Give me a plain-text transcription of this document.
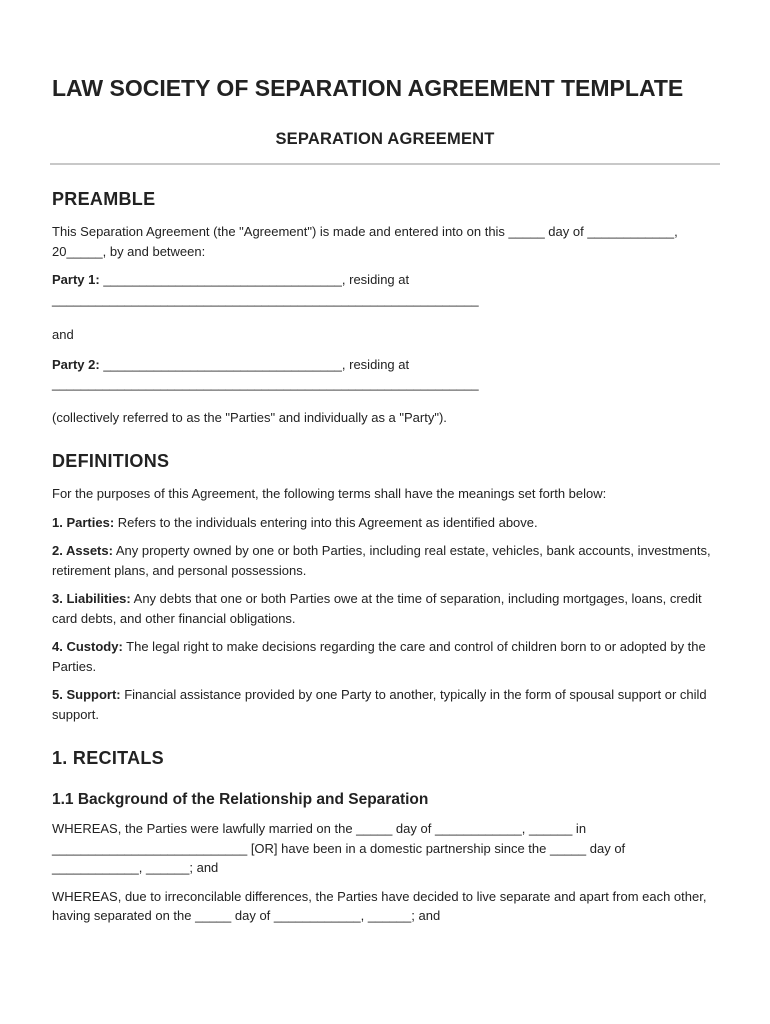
LAW SOCIETY OF SEPARATION AGREEMENT TEMPLATE
SEPARATION AGREEMENT
PREAMBLE

This Separation Agreement (the "Agreement") is made and entered into on this _____ day of ____________, 20_____, by and between:

Party 1: _________________________________, residing at ___________________________________________________________

and

Party 2: _________________________________, residing at ___________________________________________________________

(collectively referred to as the "Parties" and individually as a "Party").

DEFINITIONS

For the purposes of this Agreement, the following terms shall have the meanings set forth below:

1. Parties: Refers to the individuals entering into this Agreement as identified above.

2. Assets: Any property owned by one or both Parties, including real estate, vehicles, bank accounts, investments, retirement plans, and personal possessions.

3. Liabilities: Any debts that one or both Parties owe at the time of separation, including mortgages, loans, credit card debts, and other financial obligations.

4. Custody: The legal right to make decisions regarding the care and control of children born to or adopted by the Parties.

5. Support: Financial assistance provided by one Party to another, typically in the form of spousal support or child support.

1. RECITALS
1.1 Background of the Relationship and Separation

WHEREAS, the Parties were lawfully married on the _____ day of ____________, ______ in ___________________________ [OR] have been in a domestic partnership since the _____ day of ____________, ______; and

WHEREAS, due to irreconcilable differences, the Parties have decided to live separate and apart from each other, having separated on the _____ day of ____________, ______; and
